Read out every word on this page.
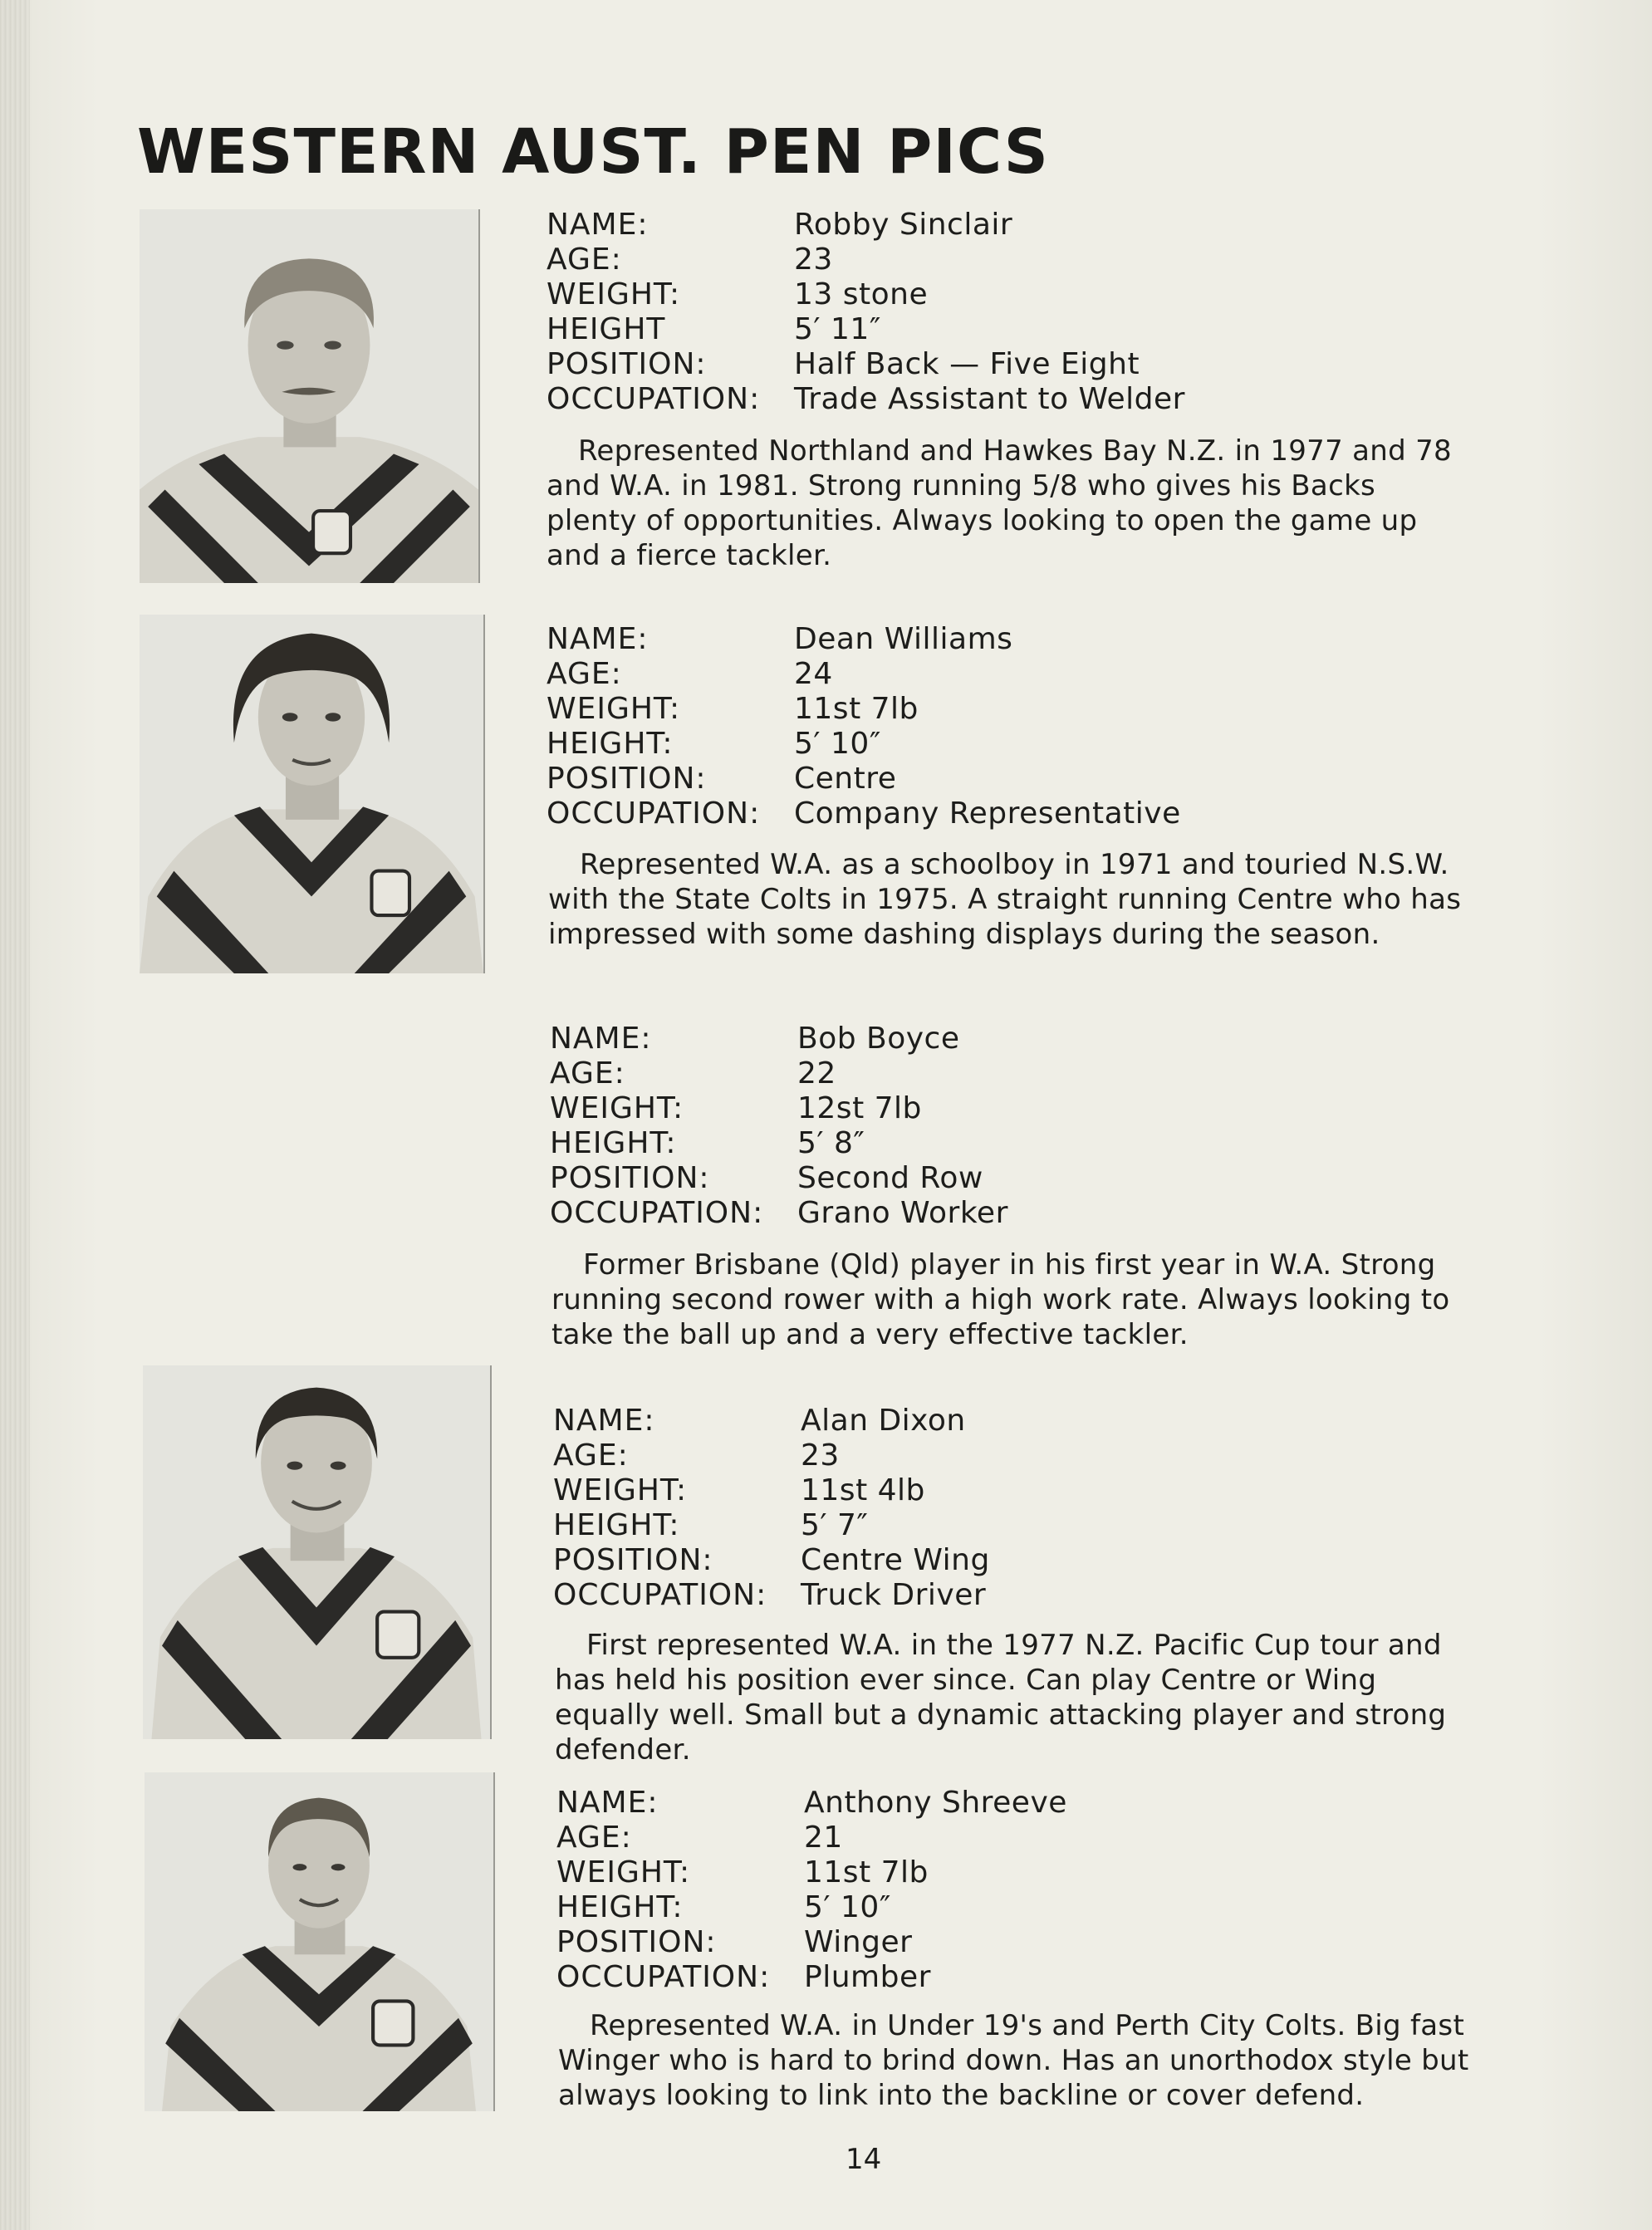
WESTERN AUST. PEN PICS
NAME:	Robby Sinclair
AGE:	23
WEIGHT:	13 stone
HEIGHT	5′ 11″
POSITION:	Half Back — Five Eight
OCCUPATION:	Trade Assistant to Welder

Represented Northland and Hawkes Bay N.Z. in 1977 and 78 and W.A. in 1981. Strong running 5/8 who gives his Backs plenty of opportunities. Always looking to open the game up and a fierce tackler.

NAME:	Dean Williams
AGE:	24
WEIGHT:	11st 7lb
HEIGHT:	5′ 10″
POSITION:	Centre
OCCUPATION:	Company Representative

Represented W.A. as a schoolboy in 1971 and touried N.S.W. with the State Colts in 1975. A straight running Centre who has impressed with some dashing displays during the season.

NAME:	Bob Boyce
AGE:	22
WEIGHT:	12st 7lb
HEIGHT:	5′ 8″
POSITION:	Second Row
OCCUPATION:	Grano Worker

Former Brisbane (Qld) player in his first year in W.A. Strong running second rower with a high work rate. Always looking to take the ball up and a very effective tackler.

NAME:	Alan Dixon
AGE:	23
WEIGHT:	11st 4lb
HEIGHT:	5′ 7″
POSITION:	Centre Wing
OCCUPATION:	Truck Driver

First represented W.A. in the 1977 N.Z. Pacific Cup tour and has held his position ever since. Can play Centre or Wing equally well. Small but a dynamic attacking player and strong defender.

NAME:	Anthony Shreeve
AGE:	21
WEIGHT:	11st 7lb
HEIGHT:	5′ 10″
POSITION:	Winger
OCCUPATION:	Plumber

Represented W.A. in Under 19's and Perth City Colts. Big fast Winger who is hard to brind down. Has an unorthodox style but always looking to link into the backline or cover defend.

14
